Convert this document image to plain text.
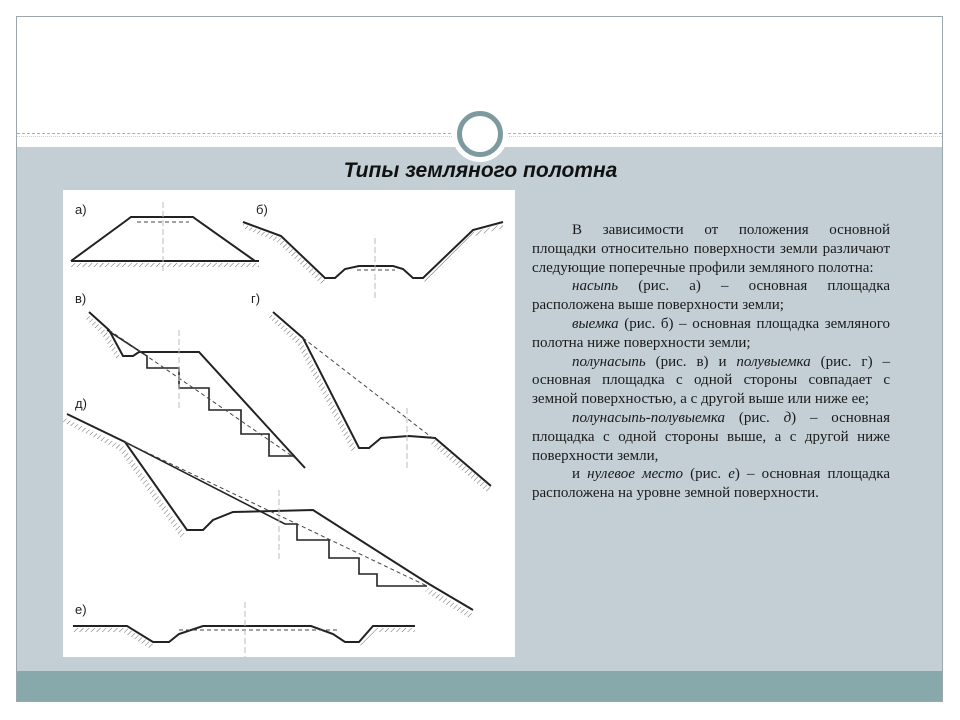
Типы земляного полотна
а)	б)
в)	г)
д)
е)

В зависимости от положения основной площадки относительно поверхности земли различают следующие поперечные профили земляного полотна:

насыпь (рис. а) – основная площадка расположена выше поверхности земли;

выемка (рис. б) – основная площадка земляного полотна ниже поверхности земли;

полунасыпь (рис. в) и полувыемка (рис. г) – основная площадка с одной стороны совпадает с земной поверхностью, а с другой выше или ниже ее;

полунасыпь-полувыемка (рис. д) – основная площадка с одной стороны выше, а с другой ниже поверхности земли,

и нулевое место (рис. е) – основная площадка расположена на уровне земной поверхности.
